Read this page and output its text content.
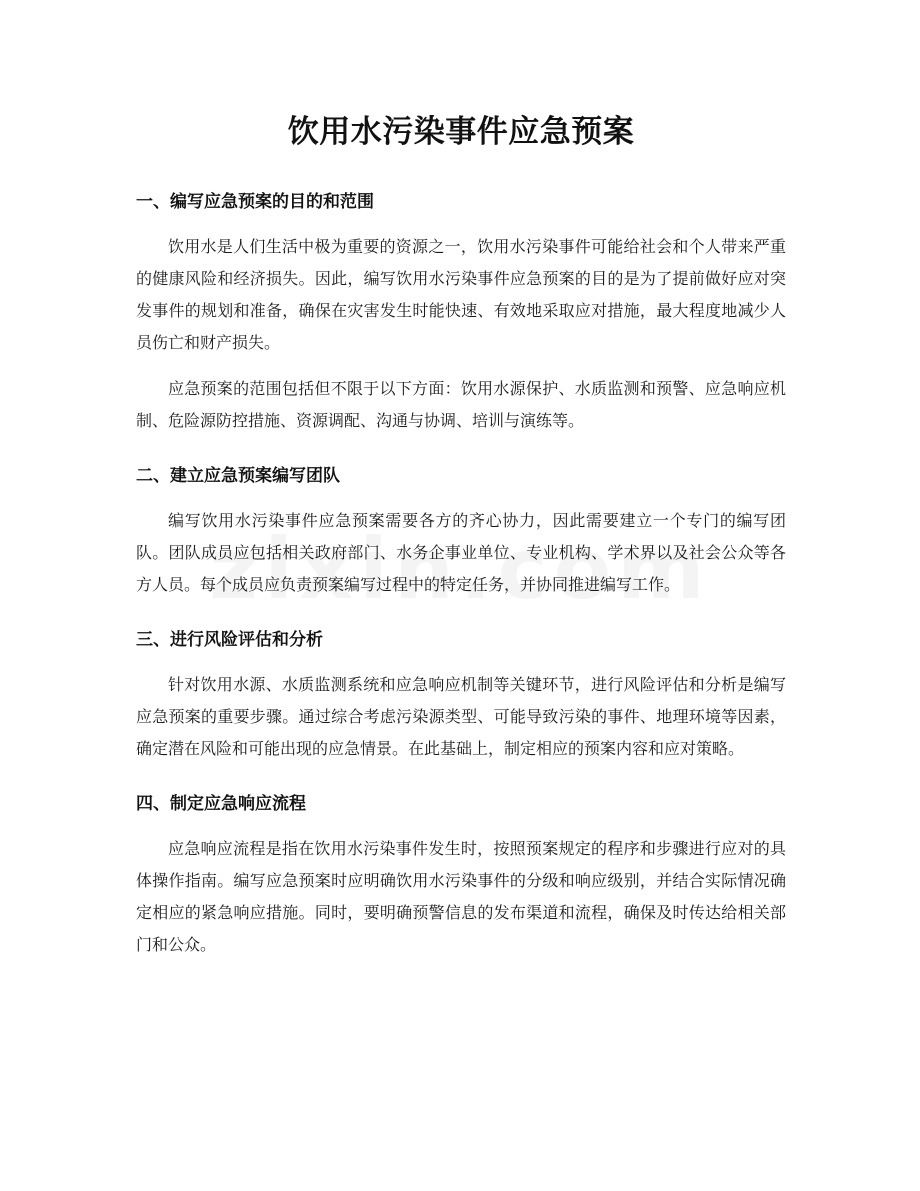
饮用水污染事件应急预案
一、编写应急预案的目的和范围

饮用水是人们生活中极为重要的资源之一，饮用水污染事件可能给社会和个人带来严重的健康风险和经济损失。因此，编写饮用水污染事件应急预案的目的是为了提前做好应对突发事件的规划和准备，确保在灾害发生时能快速、有效地采取应对措施，最大程度地减少人员伤亡和财产损失。

应急预案的范围包括但不限于以下方面：饮用水源保护、水质监测和预警、应急响应机制、危险源防控措施、资源调配、沟通与协调、培训与演练等。

二、建立应急预案编写团队

编写饮用水污染事件应急预案需要各方的齐心协力，因此需要建立一个专门的编写团队。团队成员应包括相关政府部门、水务企事业单位、专业机构、学术界以及社会公众等各方人员。每个成员应负责预案编写过程中的特定任务，并协同推进编写工作。

三、进行风险评估和分析

针对饮用水源、水质监测系统和应急响应机制等关键环节，进行风险评估和分析是编写应急预案的重要步骤。通过综合考虑污染源类型、可能导致污染的事件、地理环境等因素，确定潜在风险和可能出现的应急情景。在此基础上，制定相应的预案内容和应对策略。

四、制定应急响应流程

应急响应流程是指在饮用水污染事件发生时，按照预案规定的程序和步骤进行应对的具体操作指南。编写应急预案时应明确饮用水污染事件的分级和响应级别，并结合实际情况确定相应的紧急响应措施。同时，要明确预警信息的发布渠道和流程，确保及时传达给相关部门和公众。
